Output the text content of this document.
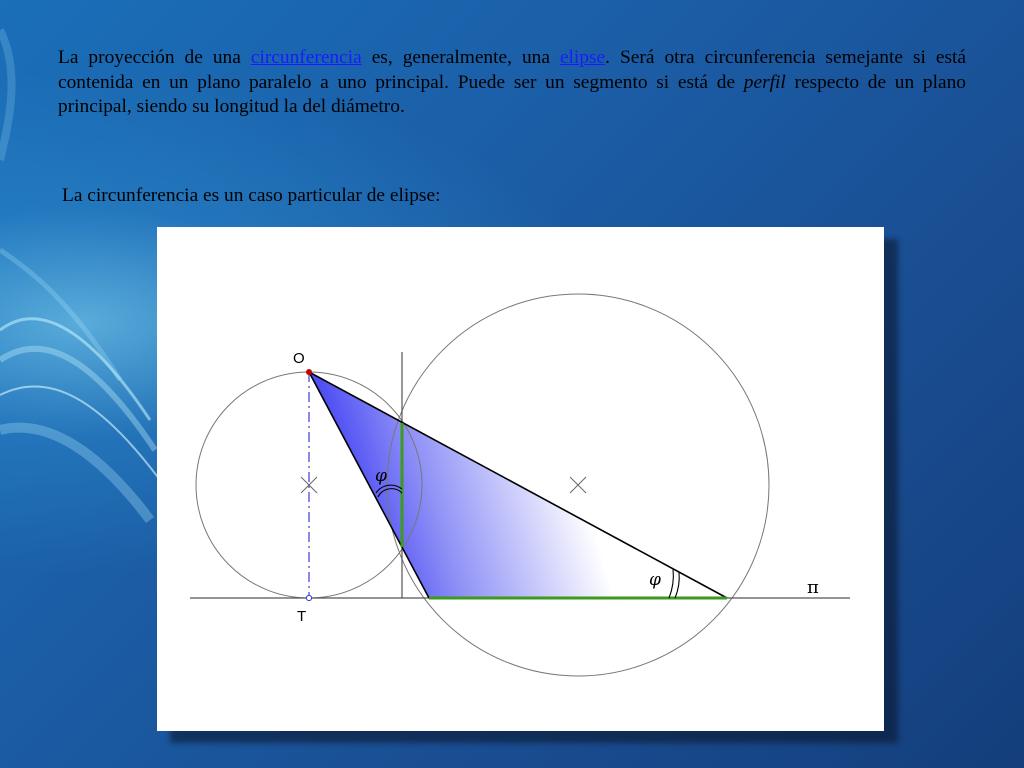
La proyección de una circunferencia es, generalmente, una elipse. Será otra circunferencia semejante si está contenida en un plano paralelo a uno principal. Puede ser un segmento si está de perfil respecto de un plano principal, siendo su longitud la del diámetro.
La circunferencia es un caso particular de elipse:
O
T
φ
φ	π
